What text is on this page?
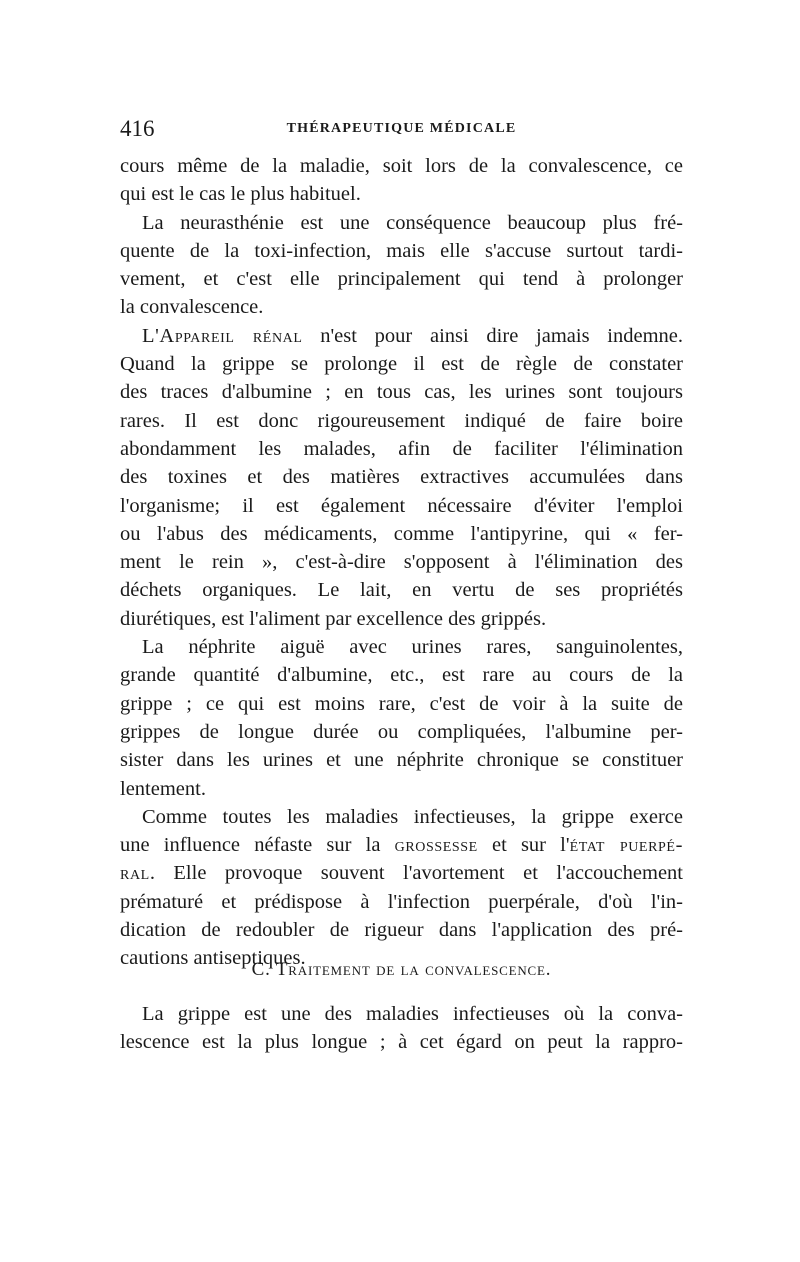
416	THÉRAPEUTIQUE MÉDICALE
cours même de la maladie, soit lors de la convalescence, ce
qui est le cas le plus habituel.
La neurasthénie est une conséquence beaucoup plus fré-
quente de la toxi-infection, mais elle s'accuse surtout tardi-
vement, et c'est elle principalement qui tend à prolonger
la convalescence.
L'Appareil rénal n'est pour ainsi dire jamais indemne.
Quand la grippe se prolonge il est de règle de constater
des traces d'albumine ; en tous cas, les urines sont toujours
rares. Il est donc rigoureusement indiqué de faire boire
abondamment les malades, afin de faciliter l'élimination
des toxines et des matières extractives accumulées dans
l'organisme; il est également nécessaire d'éviter l'emploi
ou l'abus des médicaments, comme l'antipyrine, qui « fer-
ment le rein », c'est-à-dire s'opposent à l'élimination des
déchets organiques. Le lait, en vertu de ses propriétés
diurétiques, est l'aliment par excellence des grippés.
La néphrite aiguë avec urines rares, sanguinolentes,
grande quantité d'albumine, etc., est rare au cours de la
grippe ; ce qui est moins rare, c'est de voir à la suite de
grippes de longue durée ou compliquées, l'albumine per-
sister dans les urines et une néphrite chronique se constituer
lentement.
Comme toutes les maladies infectieuses, la grippe exerce
une influence néfaste sur la grossesse et sur l'état puerpé-
ral. Elle provoque souvent l'avortement et l'accouchement
prématuré et prédispose à l'infection puerpérale, d'où l'in-
dication de redoubler de rigueur dans l'application des pré-
cautions antiseptiques.
C. Traitement de la convalescence.
La grippe est une des maladies infectieuses où la conva-
lescence est la plus longue ; à cet égard on peut la rappro-
